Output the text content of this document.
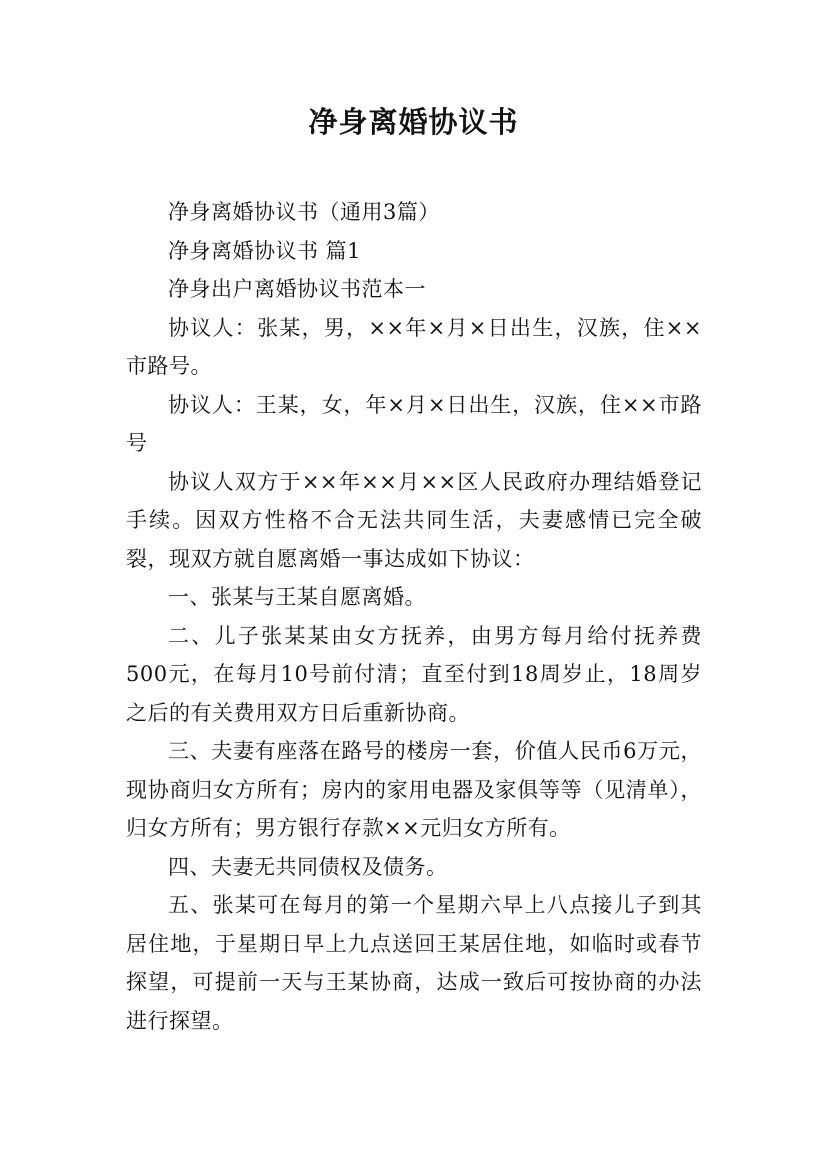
净身离婚协议书

净身离婚协议书（通用3篇）

净身离婚协议书 篇1

净身出户离婚协议书范本一

协议人：张某，男，××年×月×日出生，汉族，住××市路号。

协议人：王某，女，年×月×日出生，汉族，住××市路号

协议人双方于××年××月××区人民政府办理结婚登记手续。因双方性格不合无法共同生活，夫妻感情已完全破裂，现双方就自愿离婚一事达成如下协议：

一、张某与王某自愿离婚。

二、儿子张某某由女方抚养，由男方每月给付抚养费500元，在每月10号前付清；直至付到18周岁止，18周岁之后的有关费用双方日后重新协商。

三、夫妻有座落在路号的楼房一套，价值人民币6万元，现协商归女方所有；房内的家用电器及家俱等等（见清单），归女方所有；男方银行存款××元归女方所有。

四、夫妻无共同债权及债务。

五、张某可在每月的第一个星期六早上八点接儿子到其居住地，于星期日早上九点送回王某居住地，如临时或春节探望，可提前一天与王某协商，达成一致后可按协商的办法进行探望。
